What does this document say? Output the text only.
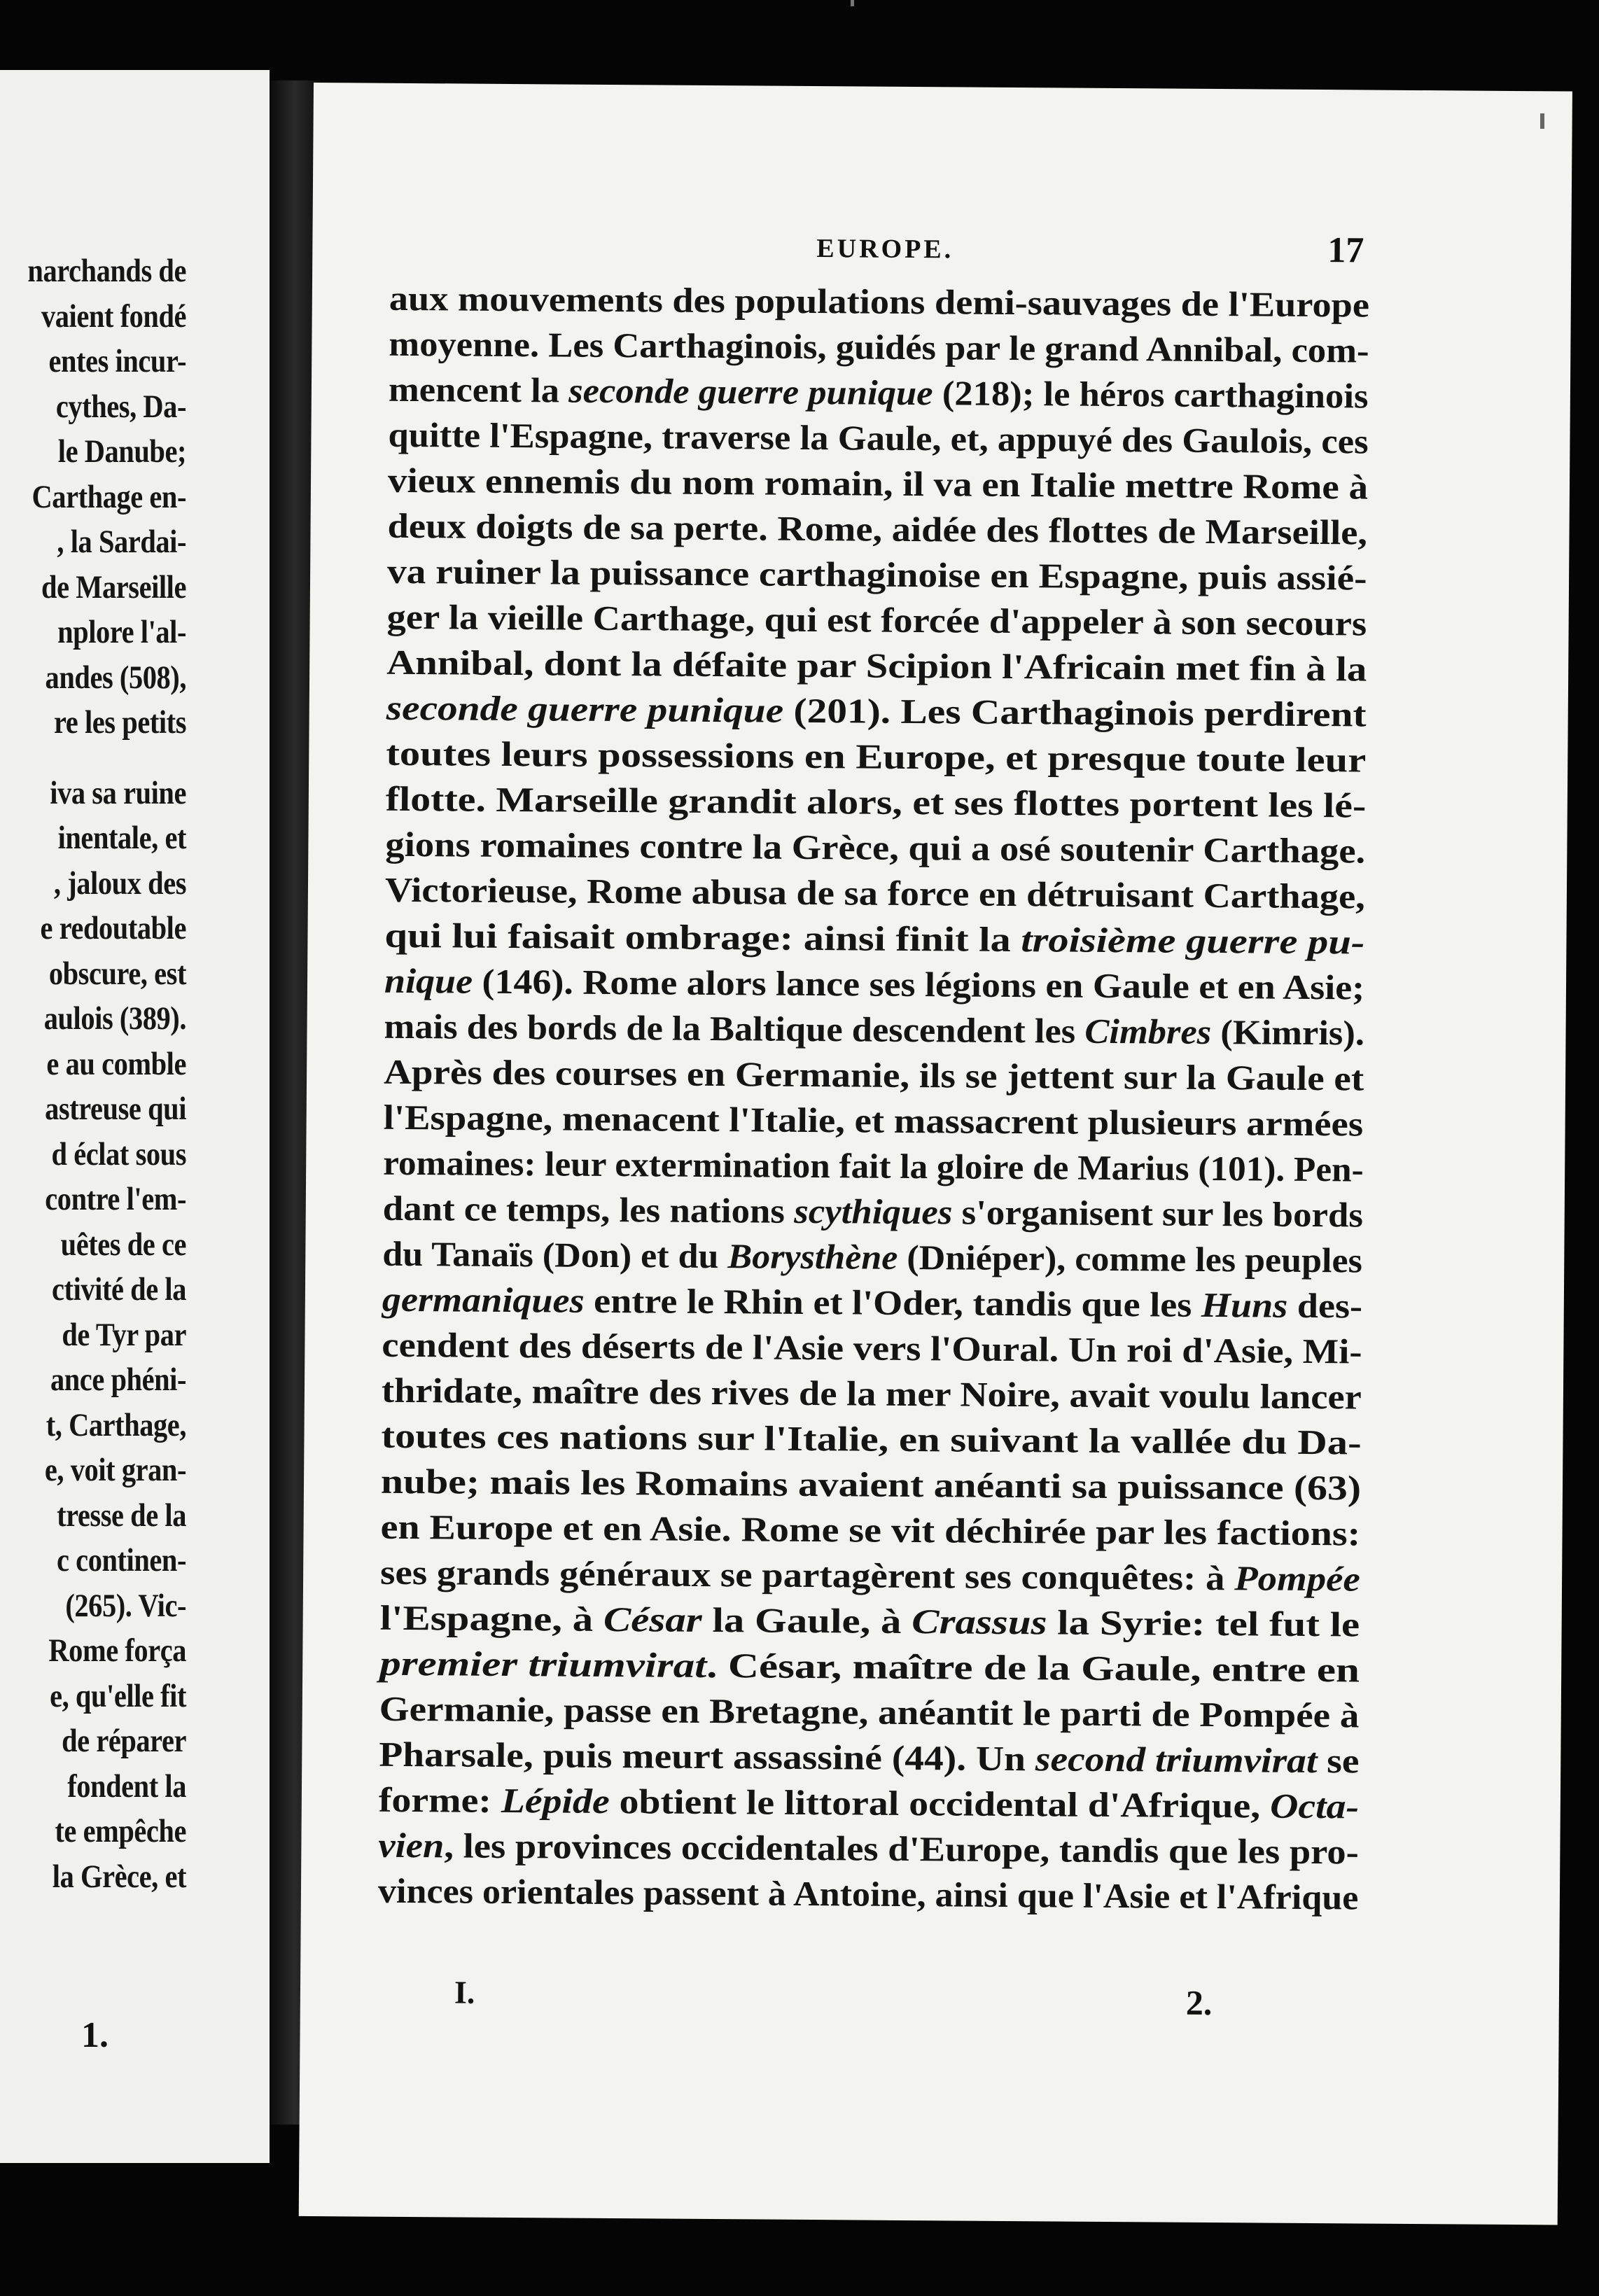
narchands de
vaient fondé
entes incur-
cythes, Da-
le Danube;
Carthage en-
, la Sardai-
de Marseille
nplore l'al-
andes (508),
re les petits
iva sa ruine
inentale, et
, jaloux des
e redoutable
obscure, est
aulois (389).
e au comble
astreuse qui
d éclat sous
contre l'em-
uêtes de ce
ctivité de la
de Tyr par
ance phéni-
t, Carthage,
e, voit gran-
tresse de la
c continen-
(265). Vic-
Rome força
e, qu'elle fit
de réparer
fondent la
te empêche
la Grèce, et
1.
EUROPE.	17
aux mouvements des populations demi-sauvages de l'Europe
moyenne. Les Carthaginois, guidés par le grand Annibal, com-
mencent la seconde guerre punique (218); le héros carthaginois
quitte l'Espagne, traverse la Gaule, et, appuyé des Gaulois, ces
vieux ennemis du nom romain, il va en Italie mettre Rome à
deux doigts de sa perte. Rome, aidée des flottes de Marseille,
va ruiner la puissance carthaginoise en Espagne, puis assié-
ger la vieille Carthage, qui est forcée d'appeler à son secours
Annibal, dont la défaite par Scipion l'Africain met fin à la
seconde guerre punique (201). Les Carthaginois perdirent
toutes leurs possessions en Europe, et presque toute leur
flotte. Marseille grandit alors, et ses flottes portent les lé-
gions romaines contre la Grèce, qui a osé soutenir Carthage.
Victorieuse, Rome abusa de sa force en détruisant Carthage,
qui lui faisait ombrage: ainsi finit la troisième guerre pu-
nique (146). Rome alors lance ses légions en Gaule et en Asie;
mais des bords de la Baltique descendent les Cimbres (Kimris).
Après des courses en Germanie, ils se jettent sur la Gaule et
l'Espagne, menacent l'Italie, et massacrent plusieurs armées
romaines: leur extermination fait la gloire de Marius (101). Pen-
dant ce temps, les nations scythiques s'organisent sur les bords
du Tanaïs (Don) et du Borysthène (Dniéper), comme les peuples
germaniques entre le Rhin et l'Oder, tandis que les Huns des-
cendent des déserts de l'Asie vers l'Oural. Un roi d'Asie, Mi-
thridate, maître des rives de la mer Noire, avait voulu lancer
toutes ces nations sur l'Italie, en suivant la vallée du Da-
nube; mais les Romains avaient anéanti sa puissance (63)
en Europe et en Asie. Rome se vit déchirée par les factions:
ses grands généraux se partagèrent ses conquêtes: à Pompée
l'Espagne, à César la Gaule, à Crassus la Syrie: tel fut le
premier triumvirat. César, maître de la Gaule, entre en
Germanie, passe en Bretagne, anéantit le parti de Pompée à
Pharsale, puis meurt assassiné (44). Un second triumvirat se
forme: Lépide obtient le littoral occidental d'Afrique, Octa-
vien, les provinces occidentales d'Europe, tandis que les pro-
vinces orientales passent à Antoine, ainsi que l'Asie et l'Afrique
I.	2.
